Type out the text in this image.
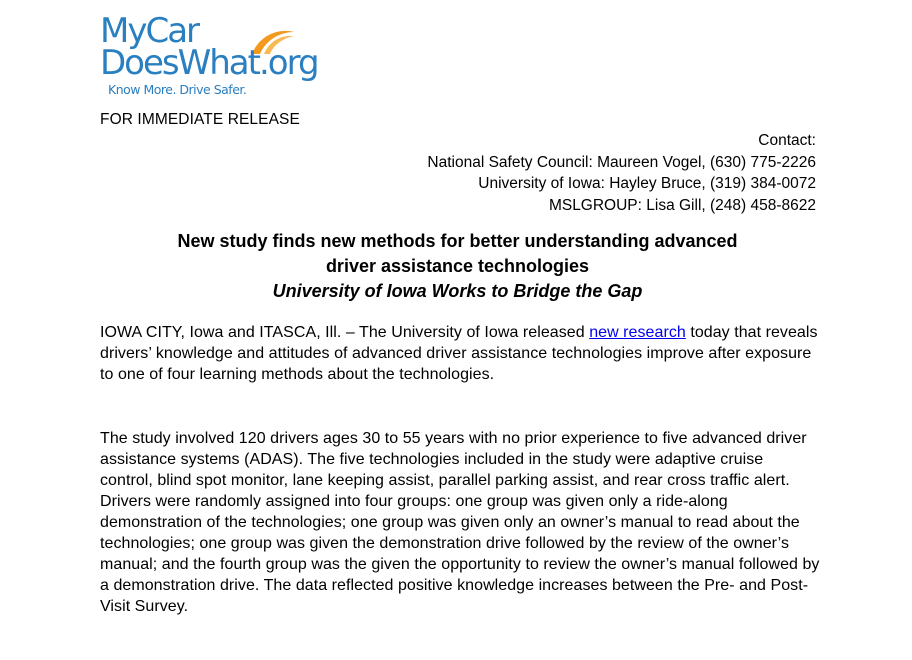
MyCar
DoesWhat.org
Know More. Drive Safer.
FOR IMMEDIATE RELEASE
Contact:
National Safety Council: Maureen Vogel, (630) 775-2226
University of Iowa: Hayley Bruce, (319) 384-0072
MSLGROUP: Lisa Gill, (248) 458-8622
New study finds new methods for better understanding advanced
driver assistance technologies
University of Iowa Works to Bridge the Gap
IOWA CITY, Iowa and ITASCA, Ill. – The University of Iowa released new research today that reveals drivers’ knowledge and attitudes of advanced driver assistance technologies improve after exposure to one of four learning methods about the technologies.
The study involved 120 drivers ages 30 to 55 years with no prior experience to five advanced driver assistance systems (ADAS). The five technologies included in the study were adaptive cruise control, blind spot monitor, lane keeping assist, parallel parking assist, and rear cross traffic alert. Drivers were randomly assigned into four groups: one group was given only a ride-along demonstration of the technologies; one group was given only an owner’s manual to read about the technologies; one group was given the demonstration drive followed by the review of the owner’s manual; and the fourth group was the given the opportunity to review the owner’s manual followed by a demonstration drive. The data reflected positive knowledge increases between the Pre- and Post-Visit Survey.
